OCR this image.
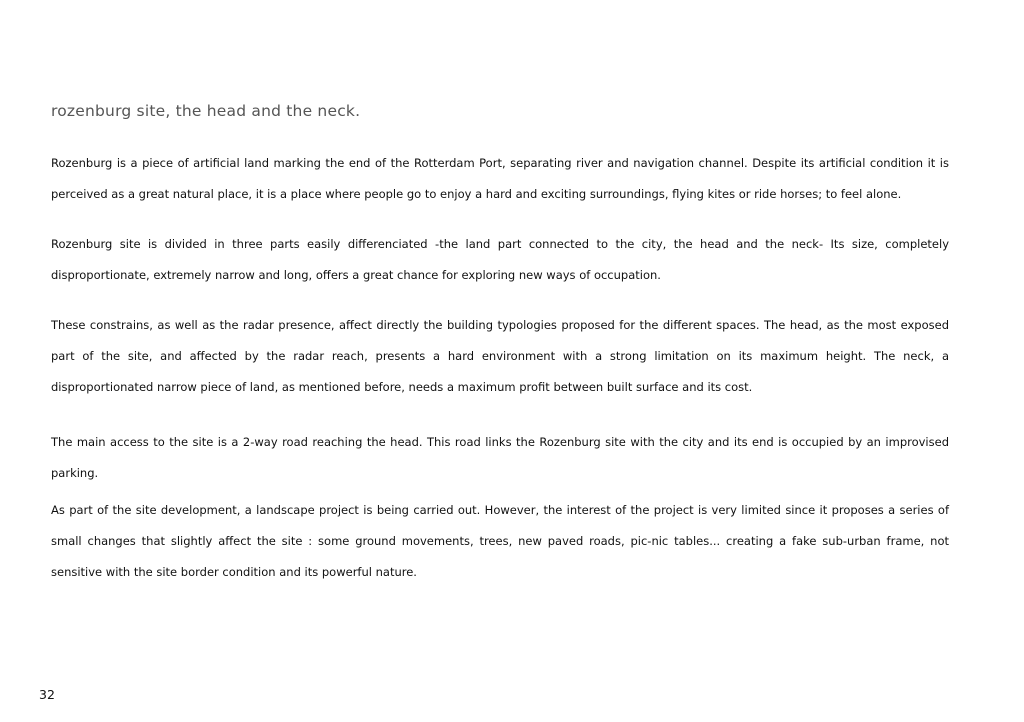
rozenburg site, the head and the neck.

Rozenburg is a piece of artificial land marking the end of the Rotterdam Port, separating river and navigation channel. Despite its artificial condition it is perceived as a great natural place, it is a place where people go to enjoy a hard and exciting surroundings, flying kites or ride horses; to feel alone.

Rozenburg site is divided in three parts easily differenciated -the land part connected to the city, the head and the neck- Its size, completely disproportionate, extremely narrow and long, offers a great chance for exploring new ways of occupation.

These constrains, as well as the radar presence, affect directly the building typologies proposed for the different spaces. The head, as the most exposed part of the site, and affected by the radar reach, presents a hard environment with a strong limitation on its maximum height. The neck, a disproportionated narrow piece of land, as mentioned before, needs a maximum profit between built surface and its cost.

The main access to the site is a 2-way road reaching the head. This road links the Rozenburg site with the city and its end is occupied by an improvised parking.

As part of the site development, a landscape project is being carried out. However, the interest of the project is very limited since it proposes a series of small changes that slightly affect the site : some ground movements, trees, new paved roads, pic-nic tables... creating a fake sub-urban frame, not sensitive with the site border condition and its powerful nature.

32
